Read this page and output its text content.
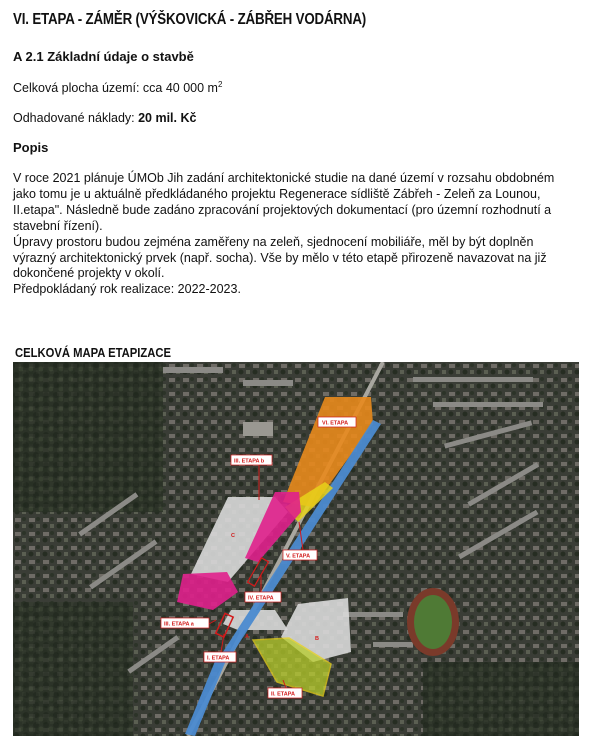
VI. ETAPA - ZÁMĚR (VÝŠKOVICKÁ - ZÁBŘEH VODÁRNA)
A 2.1 Základní údaje o stavbě
Celková plocha území: cca 40 000 $m^2$
Odhadované náklady: 20 mil. Kč
Popis

V roce 2021 plánuje ÚMOb Jih zadání architektonické studie na dané území v rozsahu obdobném jako tomu je u aktuálně předkládaného projektu Regenerace sídliště Zábřeh - Zeleň za Lounou, II.etapa". Následně bude zadáno zpracování projektových dokumentací (pro územní rozhodnutí a stavební řízení).

Úpravy prostoru budou zejména zaměřeny na zeleň, sjednocení mobiliáře, měl by být doplněn výrazný architektonický prvek (např. socha). Vše by mělo v této etapě přirozeně navazovat na již dokončené projekty v okolí.

Předpokládaný rok realizace: 2022-2023.

CELKOVÁ MAPA ETAPIZACE
VI. ETAPA
III. ETAPA b
C
V. ETAPA
IV. ETAPA
III. ETAPA a
A	B
I. ETAPA
II. ETAPA
